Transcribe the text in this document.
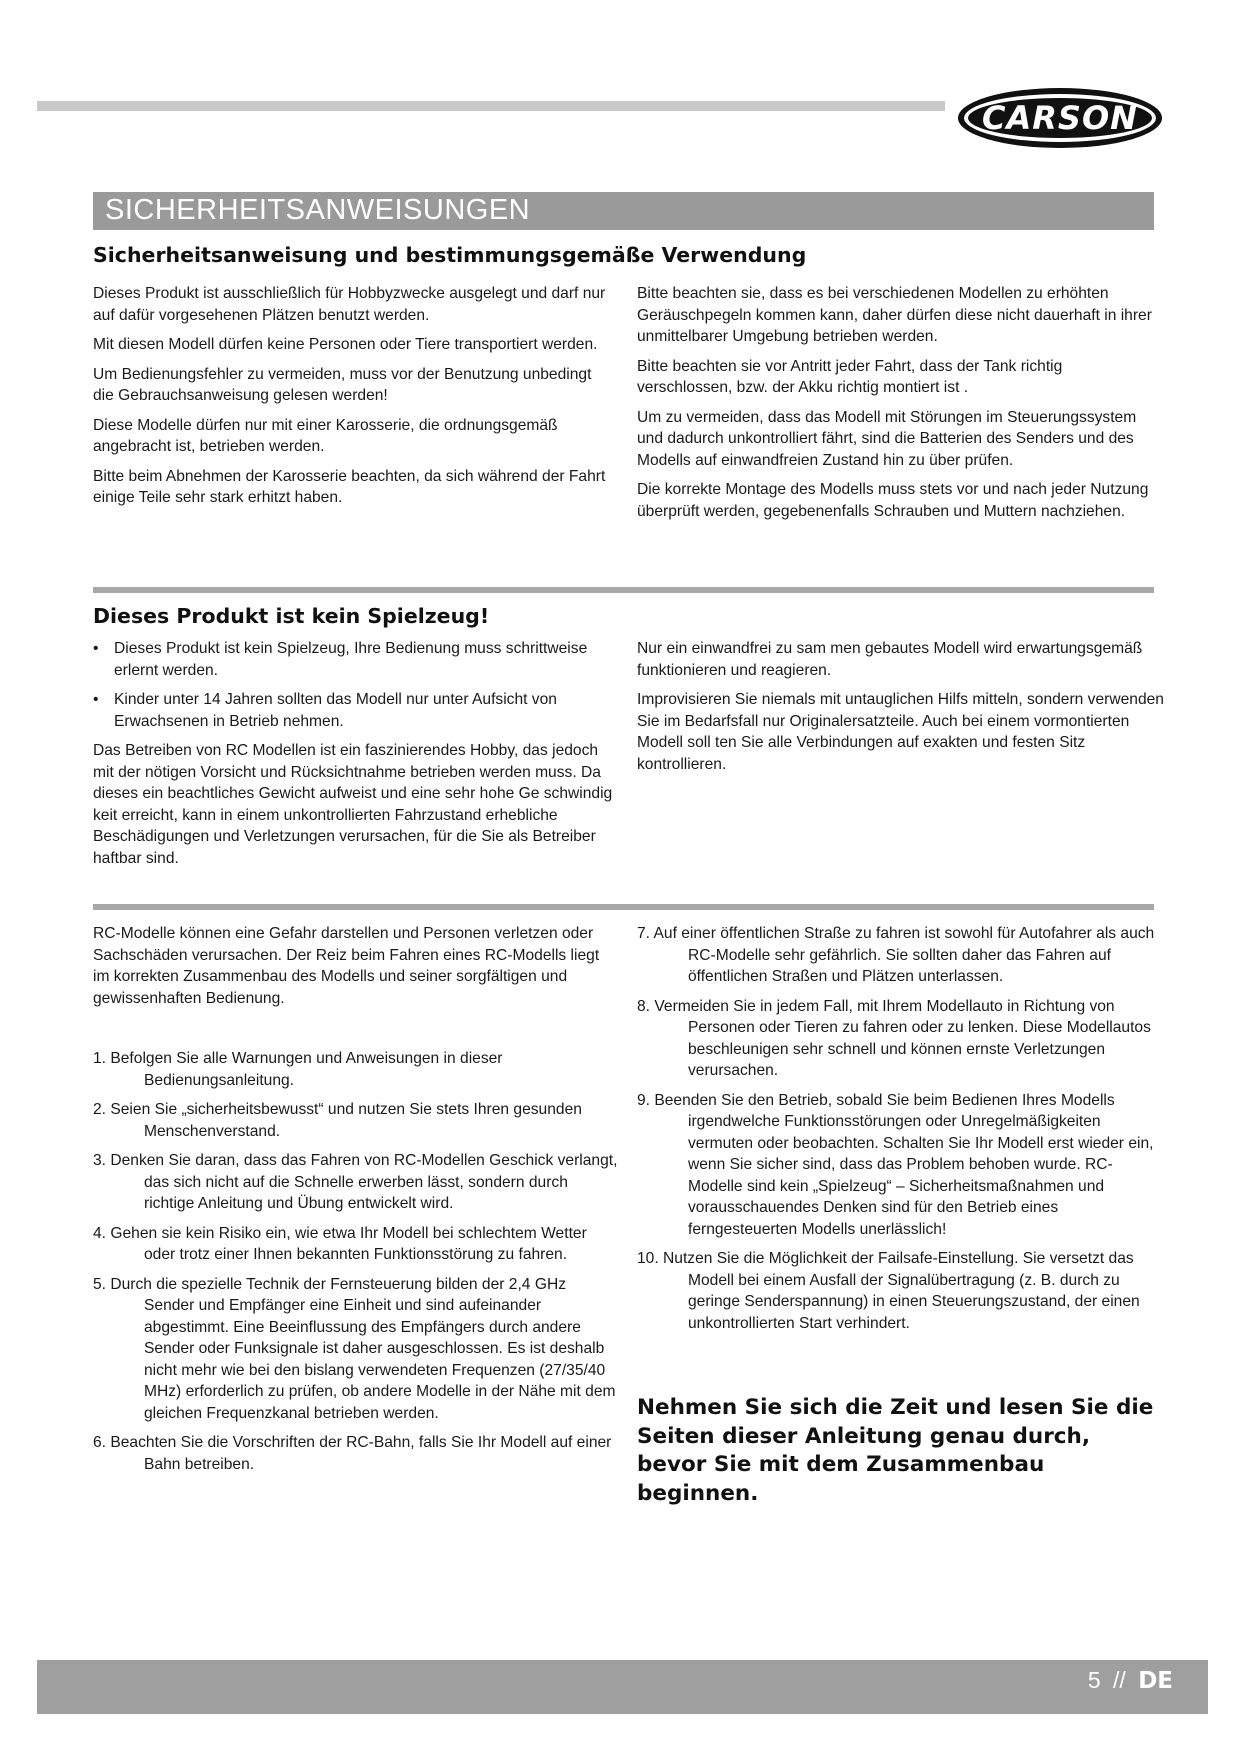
CARSON
SICHERHEITSANWEISUNGEN
Sicherheitsanweisung und bestimmungsgemäße Verwendung

Dieses Produkt ist ausschließlich für Hobbyzwecke ausgelegt und darf nur auf dafür vorgesehenen Plätzen benutzt werden.

Mit diesen Modell dürfen keine Personen oder Tiere transportiert werden.

Um Bedienungsfehler zu vermeiden, muss vor der Benutzung unbedingt die Gebrauchsanweisung gelesen werden!

Diese Modelle dürfen nur mit einer Karosserie, die ordnungsgemäß angebracht ist, betrieben werden.

Bitte beim Abnehmen der Karosserie beachten, da sich während der Fahrt einige Teile sehr stark erhitzt haben.

Bitte beachten sie, dass es bei verschiedenen Modellen zu erhöhten Geräuschpegeln kommen kann, daher dürfen diese nicht dauerhaft in ihrer unmittelbarer Umgebung betrieben werden.

Bitte beachten sie vor Antritt jeder Fahrt, dass der Tank richtig verschlossen, bzw. der Akku richtig montiert ist .

Um zu vermeiden, dass das Modell mit Störungen im Steuerungssystem und dadurch unkontrolliert fährt, sind die Batterien des Senders und des Modells auf einwandfreien Zustand hin zu über prüfen.

Die korrekte Montage des Modells muss stets vor und nach jeder Nutzung überprüft werden, gegebenenfalls Schrauben und Muttern nachziehen.

Dieses Produkt ist kein Spielzeug!
• Dieses Produkt ist kein Spielzeug, Ihre Bedienung muss schrittweise erlernt werden.
• Kinder unter 14 Jahren sollten das Modell nur unter Aufsicht von Erwachsenen in Betrieb nehmen.

Das Betreiben von RC Modellen ist ein faszinierendes Hobby, das jedoch mit der nötigen Vorsicht und Rücksichtnahme betrieben werden muss. Da dieses ein beachtliches Gewicht aufweist und eine sehr hohe Ge schwindig keit erreicht, kann in einem unkontrollierten Fahrzustand erhebliche Beschädigungen und Verletzungen verursachen, für die Sie als Betreiber haftbar sind.

Nur ein einwandfrei zu sam men gebautes Modell wird erwartungsgemäß funktionieren und reagieren.

Improvisieren Sie niemals mit untauglichen Hilfs mitteln, sondern verwenden Sie im Bedarfsfall nur Originalersatzteile. Auch bei einem vormontierten Modell soll ten Sie alle Verbindungen auf exakten und festen Sitz kontrollieren.

RC-Modelle können eine Gefahr darstellen und Personen verletzen oder Sachschäden verursachen. Der Reiz beim Fahren eines RC-Modells liegt im korrekten Zusammenbau des Modells und seiner sorgfältigen und gewissenhaften Bedienung.

1. Befolgen Sie alle Warnungen und Anweisungen in dieser Bedienungsanleitung.
2. Seien Sie „sicherheitsbewusst“ und nutzen Sie stets Ihren gesunden Menschenverstand.
3. Denken Sie daran, dass das Fahren von RC-Modellen Geschick verlangt, das sich nicht auf die Schnelle erwerben lässt, sondern durch richtige Anleitung und Übung entwickelt wird.
4. Gehen sie kein Risiko ein, wie etwa Ihr Modell bei schlechtem Wetter oder trotz einer Ihnen bekannten Funktionsstörung zu fahren.
5. Durch die spezielle Technik der Fernsteuerung bilden der 2,4 GHz Sender und Empfänger eine Einheit und sind aufeinander abgestimmt. Eine Beeinflussung des Empfängers durch andere Sender oder Funksignale ist daher ausgeschlossen. Es ist deshalb nicht mehr wie bei den bislang verwendeten Frequenzen (27/35/40 MHz) erforderlich zu prüfen, ob andere Modelle in der Nähe mit dem gleichen Frequenzkanal betrieben werden.
6. Beachten Sie die Vorschriften der RC-Bahn, falls Sie Ihr Modell auf einer Bahn betreiben.
7. Auf einer öffentlichen Straße zu fahren ist sowohl für Autofahrer als auch RC-Modelle sehr gefährlich. Sie sollten daher das Fahren auf öffentlichen Straßen und Plätzen unterlassen.
8. Vermeiden Sie in jedem Fall, mit Ihrem Modellauto in Richtung von Personen oder Tieren zu fahren oder zu lenken. Diese Modellautos beschleunigen sehr schnell und können ernste Verletzungen verursachen.
9. Beenden Sie den Betrieb, sobald Sie beim Bedienen Ihres Modells irgendwelche Funktionsstörungen oder Unregelmäßigkeiten vermuten oder beobachten. Schalten Sie Ihr Modell erst wieder ein, wenn Sie sicher sind, dass das Problem behoben wurde. RC-Modelle sind kein „Spielzeug“ – Sicherheitsmaßnahmen und vorausschauendes Denken sind für den Betrieb eines ferngesteuerten Modells unerlässlich!
10. Nutzen Sie die Möglichkeit der Failsafe-Einstellung. Sie versetzt das Modell bei einem Ausfall der Signalübertragung (z. B. durch zu geringe Senderspannung) in einen Steuerungszustand, der einen unkontrollierten Start verhindert.
Nehmen Sie sich die Zeit und lesen Sie die Seiten dieser Anleitung genau durch, bevor Sie mit dem Zusammenbau beginnen.
5 // DE
